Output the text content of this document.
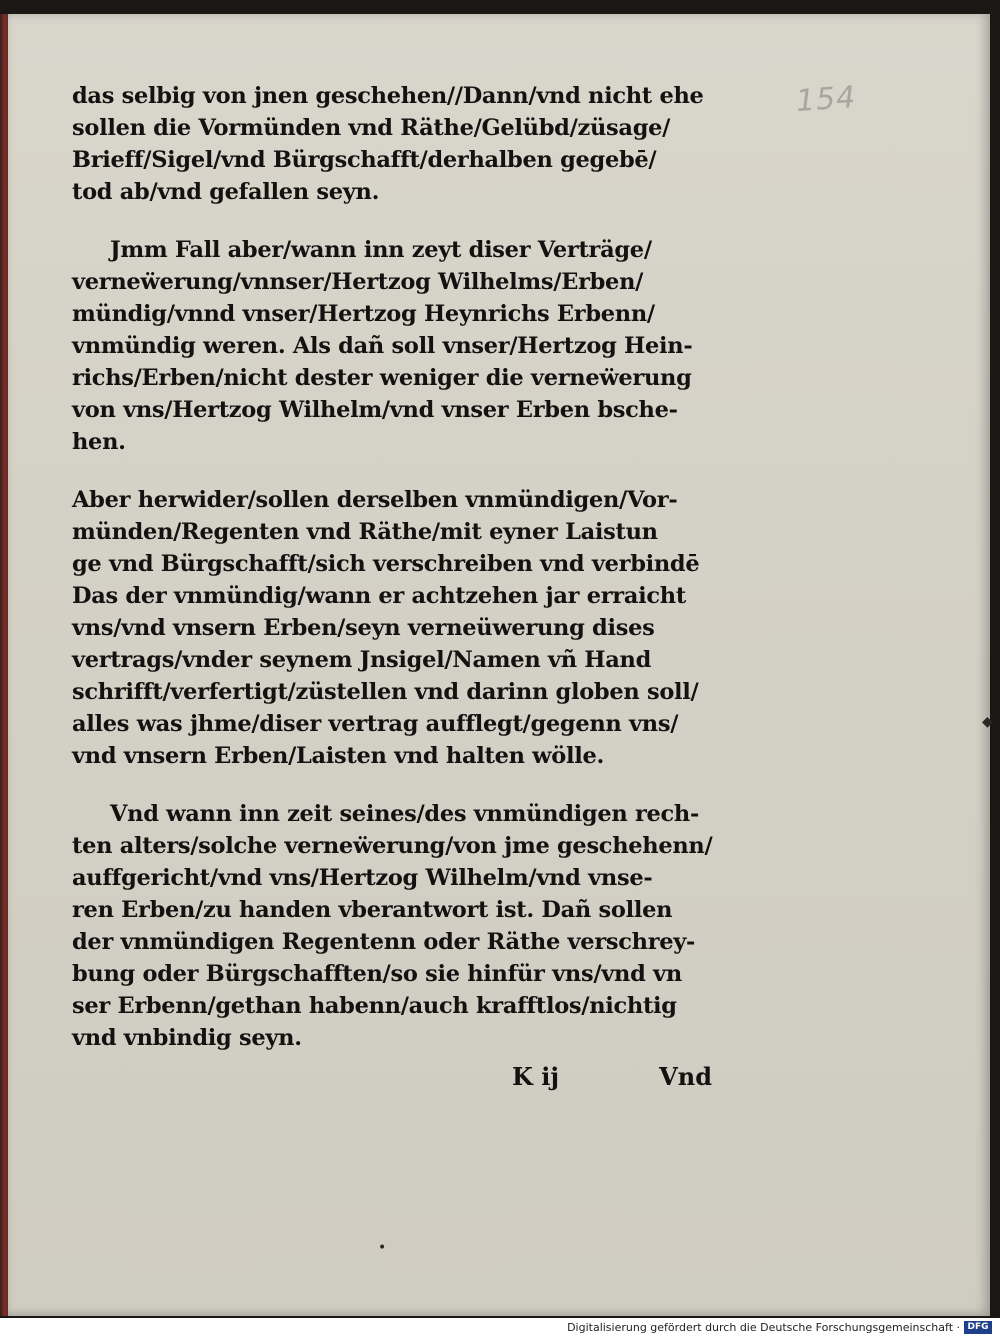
154
das selbig von jnen geschehen//Dann/vnd nicht ehe
sollen die Vormünden vnd Räthe/Gelübd/züsage/
Brieff/Sigel/vnd Bürgschafft/derhalben gegebē/
tod ab/vnd gefallen seyn.
Jmm Fall aber/wann inn zeyt diser Verträge/
verneẅerung/vnnser/Hertzog Wilhelms/Erben/
mündig/vnnd vnser/Hertzog Heynrichs Erbenn/
vnmündig weren. Als dañ soll vnser/Hertzog Hein-
richs/Erben/nicht dester weniger die verneẅerung
von vns/Hertzog Wilhelm/vnd vnser Erben bsche-
hen.
Aber herwider/sollen derselben vnmündigen/Vor-
münden/Regenten vnd Räthe/mit eyner Laistun
ge vnd Bürgschafft/sich verschreiben vnd verbindē
Das der vnmündig/wann er achtzehen jar erraicht
vns/vnd vnsern Erben/seyn verneüwerung dises
vertrags/vnder seynem Jnsigel/Namen vñ Hand
schrifft/verfertigt/züstellen vnd darinn globen soll/
alles was jhme/diser vertrag aufflegt/gegenn vns/
vnd vnsern Erben/Laisten vnd halten wölle.
Vnd wann inn zeit seines/des vnmündigen rech-
ten alters/solche verneẅerung/von jme geschehenn/
auffgericht/vnd vns/Hertzog Wilhelm/vnd vnse-
ren Erben/zu handen vberantwort ist. Dañ sollen
der vnmündigen Regentenn oder Räthe verschrey-
bung oder Bürgschafften/so sie hinfür vns/vnd vn
ser Erbenn/gethan habenn/auch krafftlos/nichtig
vnd vnbindig seyn.
K ij	Vnd
•
◆
Digitalisierung gefördert durch die Deutsche Forschungsgemeinschaft · DFG
